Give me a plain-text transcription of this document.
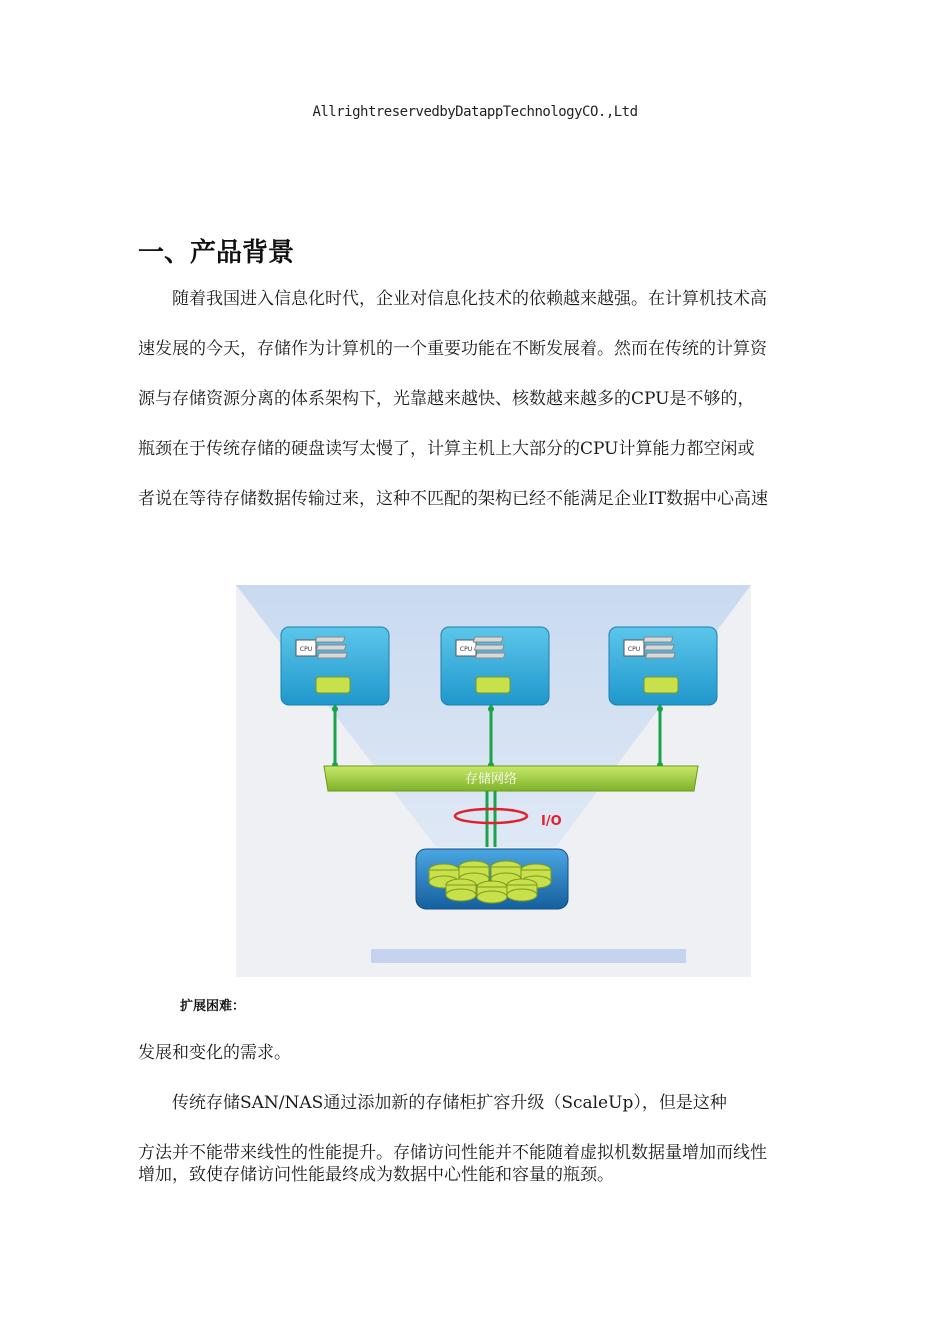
AllrightreservedbyDatappTechnologyCO.,Ltd
一、产品背景
随着我国进入信息化时代，企业对信息化技术的依赖越来越强。在计算机技术高
速发展的今天，存储作为计算机的一个重要功能在不断发展着。然而在传统的计算资
源与存储资源分离的体系架构下，光靠越来越快、核数越来越多的CPU是不够的，
瓶颈在于传统存储的硬盘读写太慢了，计算主机上大部分的CPU计算能力都空闲或
者说在等待存储数据传输过来，这种不匹配的架构已经不能满足企业IT数据中心高速
CPU	CPU	CPU
存储网络
I/O
扩展困难：
发展和变化的需求。
传统存储SAN/NAS通过添加新的存储柜扩容升级（ScaleUp），但是这种
方法并不能带来线性的性能提升。存储访问性能并不能随着虚拟机数据量增加而线性
增加，致使存储访问性能最终成为数据中心性能和容量的瓶颈。
